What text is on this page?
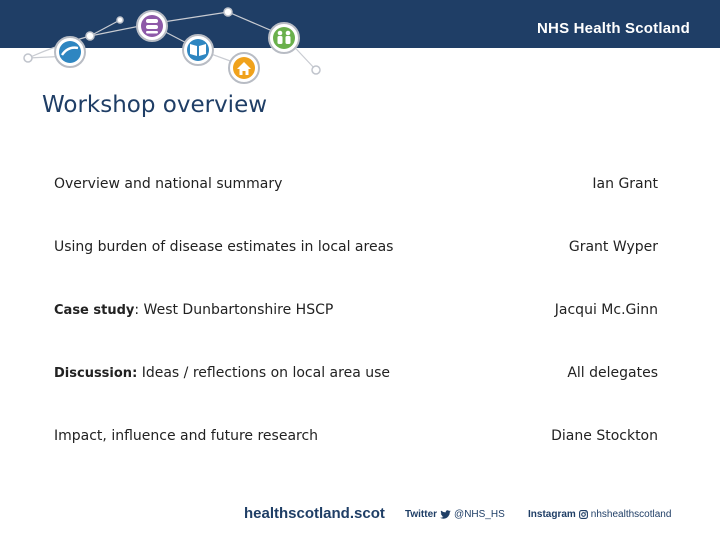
NHS Health Scotland
Workshop overview
Overview and national summary	Ian Grant
Using burden of disease estimates in local areas	Grant Wyper
Case study: West Dunbartonshire HSCP	Jacqui Mc.Ginn
Discussion: Ideas / reflections on local area use	All delegates
Impact, influence and future research	Diane Stockton
healthscotland.scot Twitter @NHS_HS Instagram nhshealthscotland
